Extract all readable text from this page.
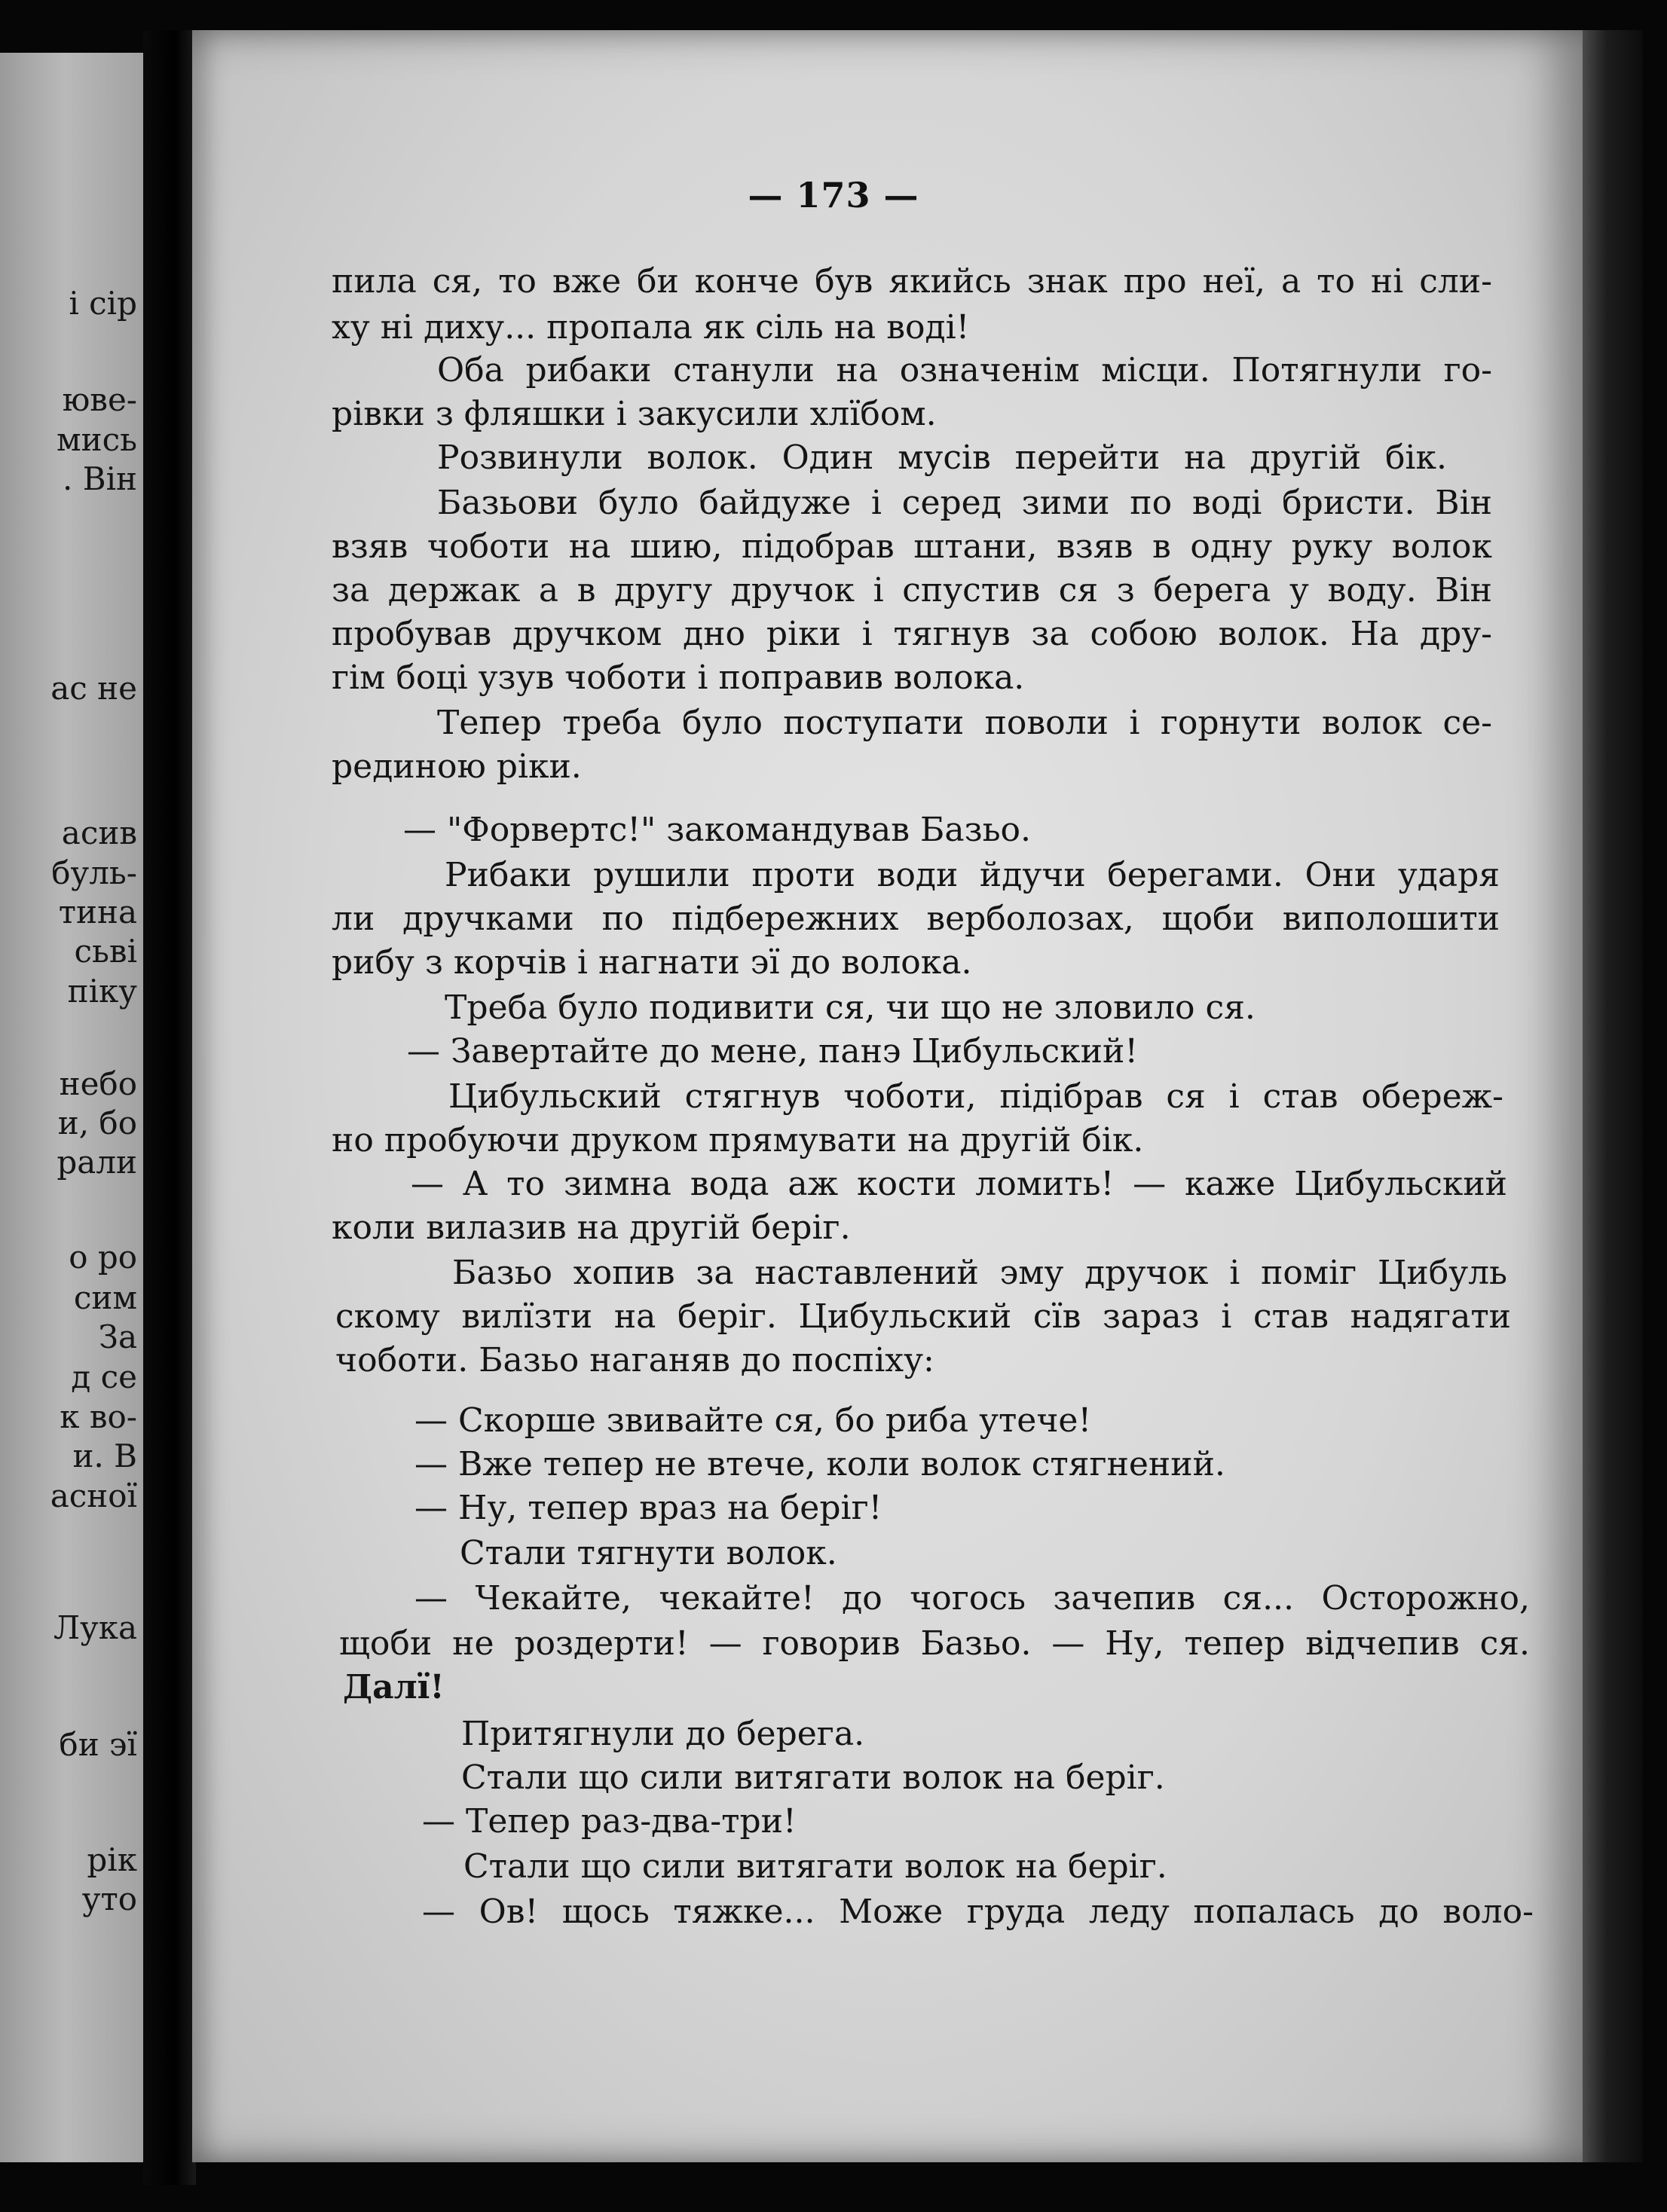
і сір
юве-
мись
. Він
ас не
асив
буль-
тина
сьві
піку
небо
и, бо
рали
о ро
сим
За
д се
к во-
и. В
асної
Лука
би эї
рік
уто
— 173 —
пила ся, то вже би конче був якийсь знак про неї, а то ні сли-
ху ні диху... пропала як сіль на воді!
Оба рибаки станули на означенім місци. Потягнули го-
рівки з фляшки і закусили хлїбом.
Розвинули волок. Один мусів перейти на другій бік.
Базьови було байдуже і серед зими по воді бристи. Він
взяв чоботи на шию, підобрав штани, взяв в одну руку волок
за держак а в другу дручок і спустив ся з берега у воду. Він
пробував дручком дно ріки і тягнув за собою волок. На дру-
гім боці узув чоботи і поправив волока.
Тепер треба було поступати поволи і горнути волок се-
рединою ріки.
— "Форвертс!" закомандував Базьо.
Рибаки рушили проти води йдучи берегами. Они ударя
ли дручками по підбережних верболозах, щоби виполошити
рибу з корчів і нагнати эї до волока.
Треба було подивити ся, чи що не зловило ся.
— Завертайте до мене, панэ Цибульский!
Цибульский стягнув чоботи, підібрав ся і став обереж-
но пробуючи друком прямувати на другій бік.
— А то зимна вода аж кости ломить! — каже Цибульский
коли вилазив на другій беріг.
Базьо хопив за наставлений эму дручок і поміг Цибуль
скому вилїзти на беріг. Цибульский сїв зараз і став надягати
чоботи. Базьо наганяв до поспіху:
— Скорше звивайте ся, бо риба утече!
— Вже тепер не втече, коли волок стягнений.
— Ну, тепер враз на беріг!
Стали тягнути волок.
— Чекайте, чекайте! до чогось зачепив ся... Осторожно,
щоби не роздерти! — говорив Базьо. — Ну, тепер відчепив ся.
Далї!
Притягнули до берега.
Стали що сили витягати волок на беріг.
— Тепер раз-два-три!
Стали що сили витягати волок на беріг.
— Ов! щось тяжке... Може груда леду попалась до воло-
